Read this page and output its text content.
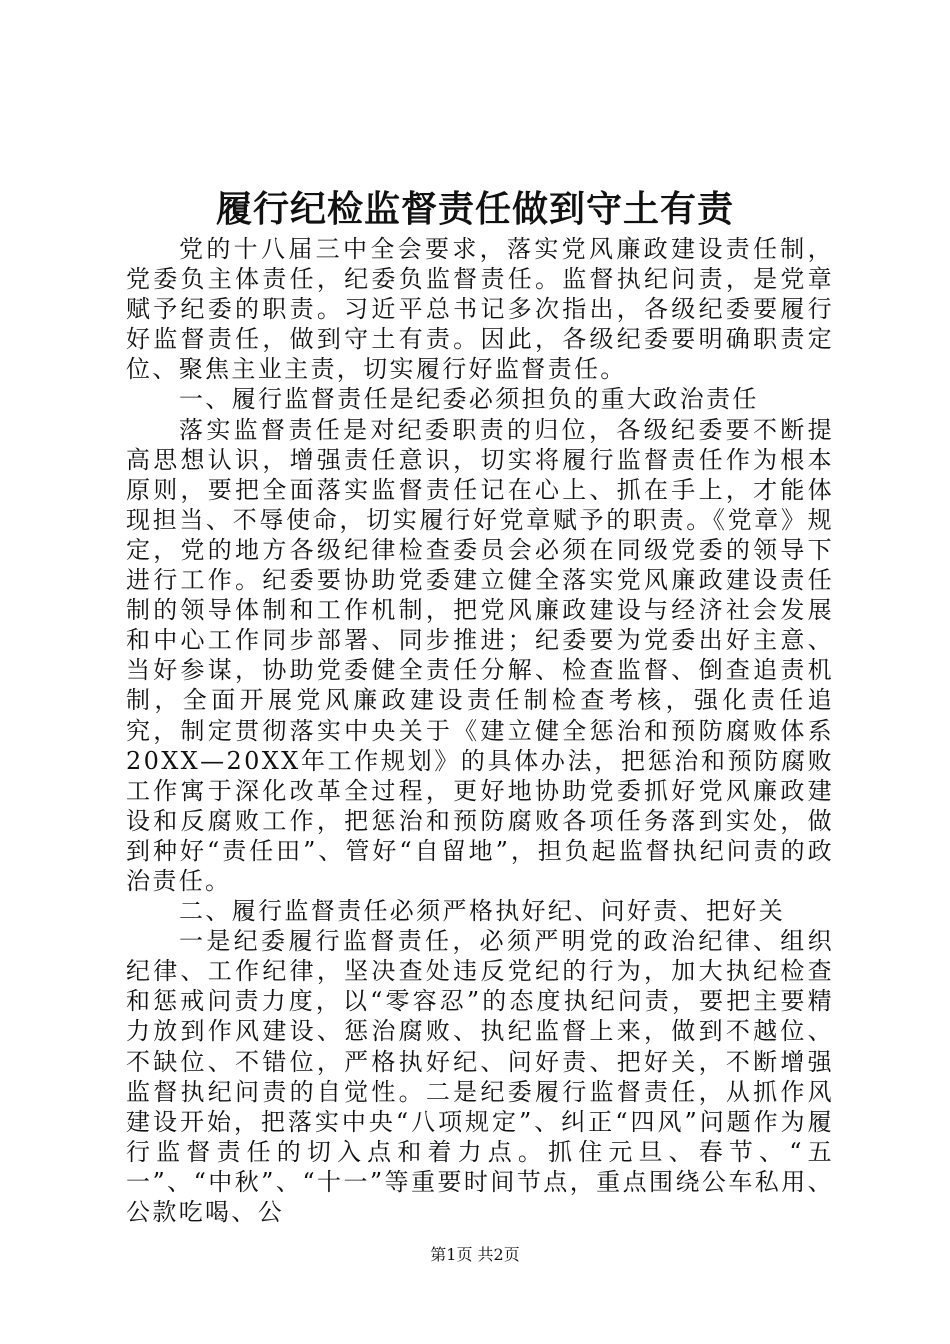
履行纪检监督责任做到守土有责

党的十八届三中全会要求，落实党风廉政建设责任制，党委负主体责任，纪委负监督责任。监督执纪问责，是党章赋予纪委的职责。习近平总书记多次指出，各级纪委要履行好监督责任，做到守土有责。因此，各级纪委要明确职责定位、聚焦主业主责，切实履行好监督责任。

一、履行监督责任是纪委必须担负的重大政治责任

落实监督责任是对纪委职责的归位，各级纪委要不断提高思想认识，增强责任意识，切实将履行监督责任作为根本原则，要把全面落实监督责任记在心上、抓在手上，才能体现担当、不辱使命，切实履行好党章赋予的职责。《党章》规定，党的地方各级纪律检查委员会必须在同级党委的领导下进行工作。纪委要协助党委建立健全落实党风廉政建设责任制的领导体制和工作机制，把党风廉政建设与经济社会发展和中心工作同步部署、同步推进；纪委要为党委出好主意、当好参谋，协助党委健全责任分解、检查监督、倒查追责机制，全面开展党风廉政建设责任制检查考核，强化责任追究，制定贯彻落实中央关于《建立健全惩治和预防腐败体系20XX—20XX年工作规划》的具体办法，把惩治和预防腐败工作寓于深化改革全过程，更好地协助党委抓好党风廉政建设和反腐败工作，把惩治和预防腐败各项任务落到实处，做到种好“责任田”、管好“自留地”，担负起监督执纪问责的政治责任。

二、履行监督责任必须严格执好纪、问好责、把好关

一是纪委履行监督责任，必须严明党的政治纪律、组织纪律、工作纪律，坚决查处违反党纪的行为，加大执纪检查和惩戒问责力度，以“零容忍”的态度执纪问责，要把主要精力放到作风建设、惩治腐败、执纪监督上来，做到不越位、不缺位、不错位，严格执好纪、问好责、把好关，不断增强监督执纪问责的自觉性。二是纪委履行监督责任，从抓作风建设开始，把落实中央“八项规定”、纠正“四风”问题作为履行监督责任的切入点和着力点。抓住元旦、春节、“五一”、“中秋”、“十一”等重要时间节点，重点围绕公车私用、公款吃喝、公

第1页 共2页
